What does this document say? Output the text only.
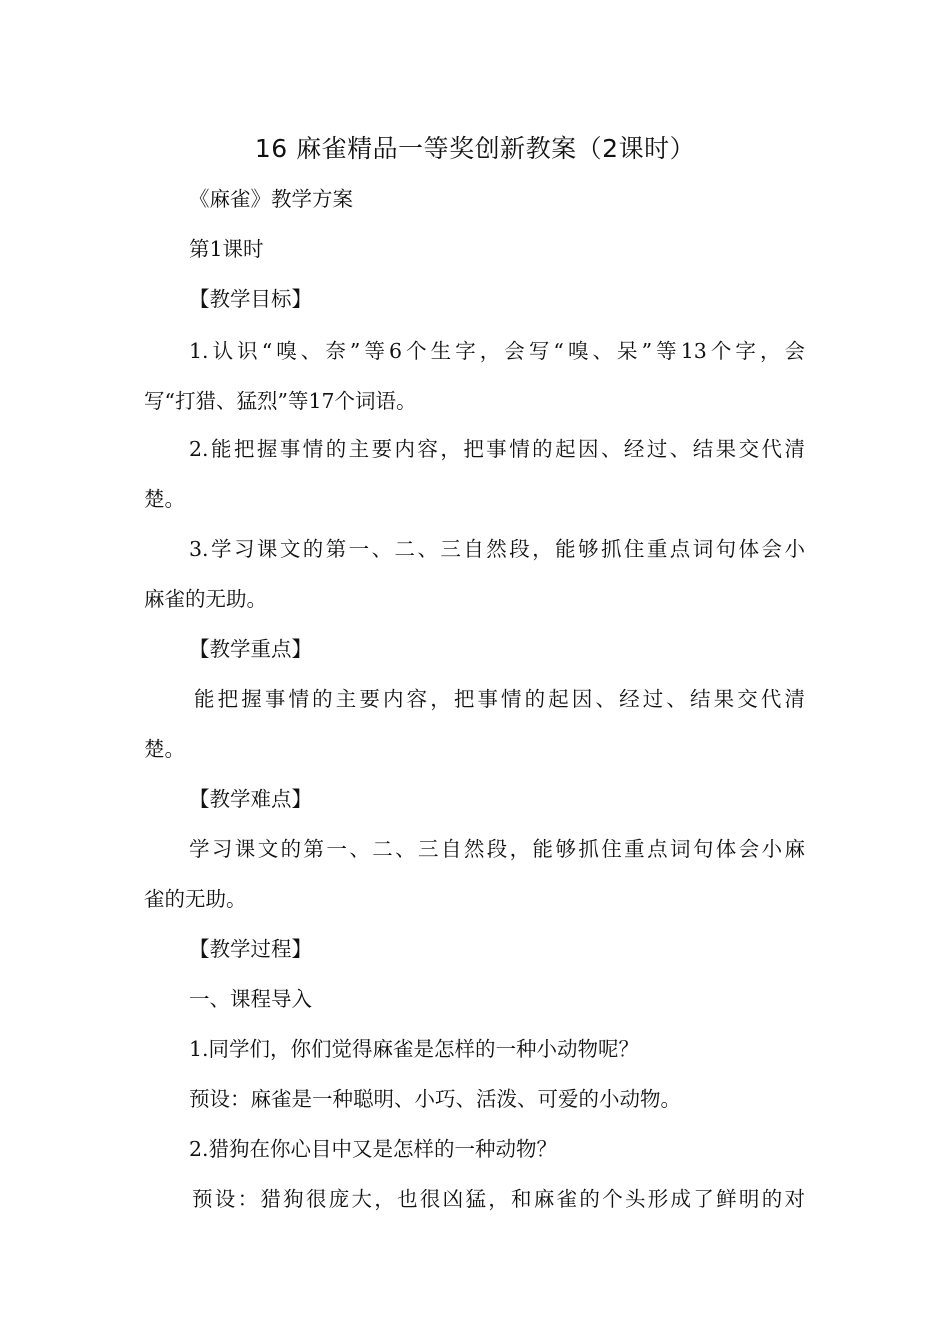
16 麻雀精品一等奖创新教案（2课时）
《麻雀》教学方案
第1课时
【教学目标】
1.认识“嗅、奈”等6个生字，会写“嗅、呆”等13个字，会
写“打猎、猛烈”等17个词语。
2.能把握事情的主要内容，把事情的起因、经过、结果交代清
楚。
3.学习课文的第一、二、三自然段，能够抓住重点词句体会小
麻雀的无助。
【教学重点】
能把握事情的主要内容，把事情的起因、经过、结果交代清
楚。
【教学难点】
学习课文的第一、二、三自然段，能够抓住重点词句体会小麻
雀的无助。
【教学过程】
一、课程导入
1.同学们，你们觉得麻雀是怎样的一种小动物呢？
预设：麻雀是一种聪明、小巧、活泼、可爱的小动物。
2.猎狗在你心目中又是怎样的一种动物？
预设：猎狗很庞大，也很凶猛，和麻雀的个头形成了鲜明的对
